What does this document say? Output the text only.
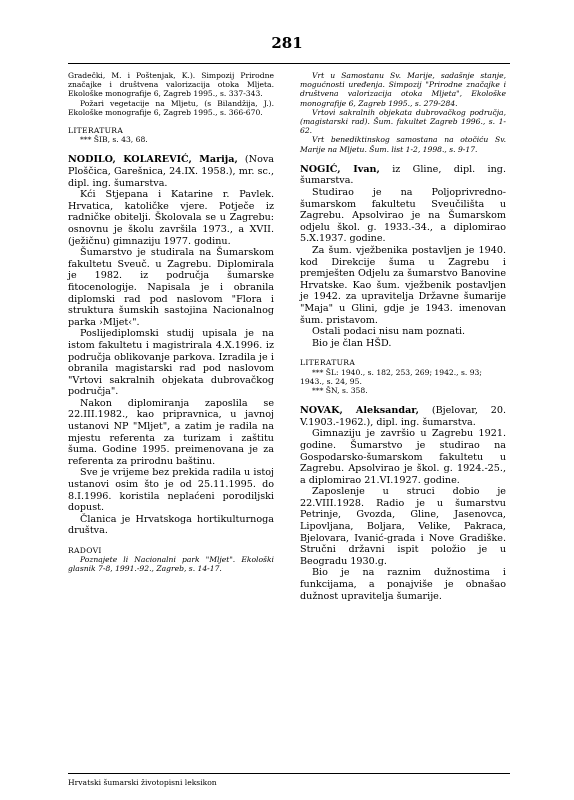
281

Gradečki, M. i Poštenjak, K.). Simpozij Prirodne značajke i društvena valorizacija otoka Mljeta. Ekološke monografije 6, Zagreb 1995., s. 337-343.

Požari vegetacije na Mljetu, (s Bilandžija, J.). Ekološke monografije 6, Zagreb 1995., s. 366-670.

LITERATURA

*** ŠIB, s. 43, 68.

NODILO, KOLAREVIĆ, Marija, (Nova Ploščica, Garešnica, 24.IX. 1958.), mr. sc., dipl. ing. šumarstva.

Kći Stjepana i Katarine r. Pavlek. Hrvatica, katoličke vjere. Potječe iz radničke obitelji. Školovala se u Zagrebu: osnovnu je školu završila 1973., a XVII. (ježičnu) gimnaziju 1977. godinu.

Šumarstvo je studirala na Šumarskom fakultetu Sveuč. u Zagrebu. Diplomirala je 1982. iz područja šumarske fitocenologije. Napisala je i obranila diplomski rad pod naslovom "Flora i struktura šumskih sastojina Nacionalnog parka ›Mljet‹".

Poslijediplomski studij upisala je na istom fakultetu i magistrirala 4.X.1996. iz područja oblikovanje parkova. Izradila je i obranila magistarski rad pod naslovom "Vrtovi sakralnih objekata dubrovačkog područja".

Nakon diplomiranja zaposlila se 22.III.1982., kao pripravnica, u javnoj ustanovi NP "Mljet", a zatim je radila na mjestu referenta za turizam i zaštitu šuma. Godine 1995. preimenovana je za referenta za prirodnu baštinu.

Sve je vrijeme bez prekida radila u istoj ustanovi osim što je od 25.11.1995. do 8.I.1996. koristila neplaćeni porodiljski dopust.

Članica je Hrvatskoga hortikulturnoga društva.

RADOVI

Poznajete li Nacionalni park "Mljet". Ekološki glasnik 7-8, 1991.-92., Zagreb, s. 14-17.

Vrt u Samostanu Sv. Marije, sadašnje stanje, mogućnosti uređenja. Simpozij "Prirodne značajke i društvena valorizacija otoka Mljeta", Ekološke monografije 6, Zagreb 1995., s. 279-284.

Vrtovi sakralnih objekata dubrovačkog područja, (magistarski rad). Šum. fakultet Zagreb 1996., s. 1-62.

Vrt benediktinskog samostana na otočiću Sv. Marije na Mljetu. Šum. list 1-2, 1998., s. 9-17.

NOGIĆ, Ivan, iz Gline, dipl. ing. šumarstva.

Studirao je na Poljoprivredno-šumarskom fakultetu Sveučilišta u Zagrebu. Apsolvirao je na Šumarskom odjelu škol. g. 1933.-34., a diplomirao 5.X.1937. godine.

Za šum. vježbenika postavljen je 1940. kod Direkcije šuma u Zagrebu i premješten Odjelu za šumarstvo Banovine Hrvatske. Kao šum. vježbenik postavljen je 1942. za upravitelja Državne šumarije "Maja" u Glini, gdje je 1943. imenovan šum. pristavom.

Ostali podaci nisu nam poznati.

Bio je član HŠD.

LITERATURA

*** ŠL: 1940., s. 182, 253, 269; 1942., s. 93; 1943., s. 24, 95.

*** ŠN, s. 358.

NOVAK, Aleksandar, (Bjelovar, 20. V.1903.-1962.), dipl. ing. šumarstva.

Gimnaziju je završio u Zagrebu 1921. godine. Šumarstvo je studirao na Gospodarsko-šumarskom fakultetu u Zagrebu. Apsolvirao je škol. g. 1924.-25., a diplomirao 21.VI.1927. godine.

Zaposlenje u struci dobio je 22.VIII.1928. Radio je u šumarstvu Petrinje, Gvozda, Gline, Jasenovca, Lipovljana, Boljara, Velike, Pakraca, Bjelovara, Ivanić-grada i Nove Gradiške. Stručni državni ispit položio je u Beogradu 1930.g.

Bio je na raznim dužnostima i funkcijama, a ponajviše je obnašao dužnost upravitelja šumarije.

Hrvatski šumarski životopisni leksikon
